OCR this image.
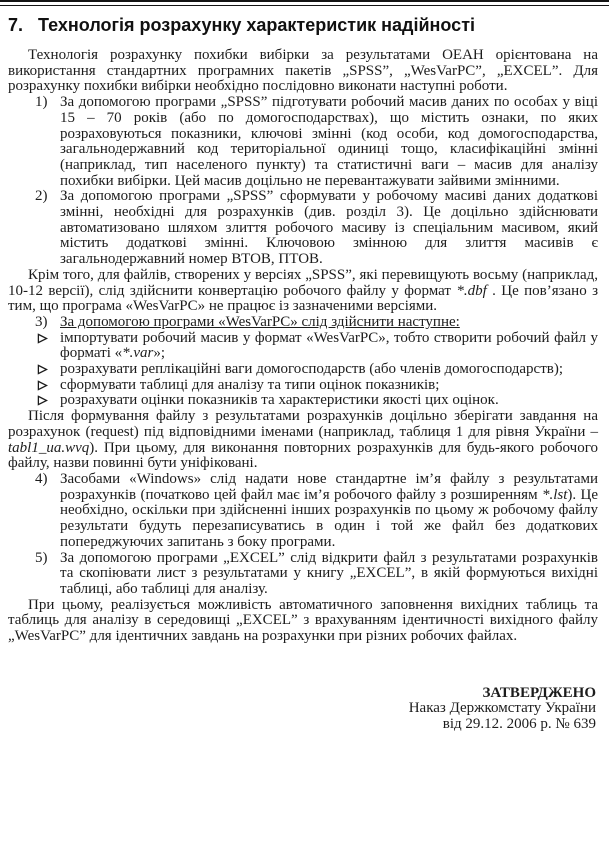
7. Технологія розрахунку характеристик надійності

Технологія розрахунку похибки вибірки за результатами ОЕАН орієнтована на використання стандартних програмних пакетів „SPSS”, „WesVarPC”, „EXCEL”. Для розрахунку похибки вибірки необхідно послідовно виконати наступні роботи.

1) За допомогою програми „SPSS” підготувати робочий масив даних по особах у віці 15 – 70 років (або по домогосподарствах), що містить ознаки, по яких розраховуються показники, ключові змінні (код особи, код домогосподарства, загальнодержавний код територіальної одиниці тощо, класифікаційні змінні (наприклад, тип населеного пункту) та статистичні ваги – масив для аналізу похибки вибірки. Цей масив доцільно не перевантажувати зайвими змінними.
2) За допомогою програми „SPSS” сформувати у робочому масиві даних додаткові змінні, необхідні для розрахунків (див. розділ 3). Це доцільно здійснювати автоматизовано шляхом злиття робочого масиву із спеціальним масивом, який містить додаткові змінні. Ключовою змінною для злиття масивів є загальнодержавний номер ВТОВ, ПТОВ.

Крім того, для файлів, створених у версіях „SPSS”, які перевищують восьму (наприклад, 10-12 версії), слід здійснити конвертацію робочого файлу у формат *.dbf . Це пов’язано з тим, що програма «WesVarPC» не працює із зазначеними версіями.

3) За допомогою програми «WesVarPC» слід здійснити наступне:
імпортувати робочий масив у формат «WesVarPC», тобто створити робочий файл у форматі «*.var»;
розрахувати реплікаційні ваги домогосподарств (або членів домогосподарств);
сформувати таблиці для аналізу та типи оцінок показників;
розрахувати оцінки показників та характеристики якості цих оцінок.

Після формування файлу з результатами розрахунків доцільно зберігати завдання на розрахунок (request) під відповідними іменами (наприклад, таблиця 1 для рівня України – tabl1_ua.wvq). При цьому, для виконання повторних розрахунків для будь-якого робочого файлу, назви повинні бути уніфіковані.

4) Засобами «Windows» слід надати нове стандартне ім’я файлу з результатами розрахунків (початково цей файл має ім’я робочого файлу з розширенням *.lst). Це необхідно, оскільки при здійсненні інших розрахунків по цьому ж робочому файлу результати будуть перезаписуватись в один і той же файл без додаткових попереджуючих запитань з боку програми.
5) За допомогою програми „EXCEL” слід відкрити файл з результатами розрахунків та скопіювати лист з результатами у книгу „EXCEL”, в якій формуються вихідні таблиці, або таблиці для аналізу.

При цьому, реалізується можливість автоматичного заповнення вихідних таблиць та таблиць для аналізу в середовищі „EXCEL” з врахуванням ідентичності вихідного файлу „WesVarPC” для ідентичних завдань на розрахунки при різних робочих файлах.

ЗАТВЕРДЖЕНО
Наказ Держкомстату України
від 29.12. 2006 р. № 639
